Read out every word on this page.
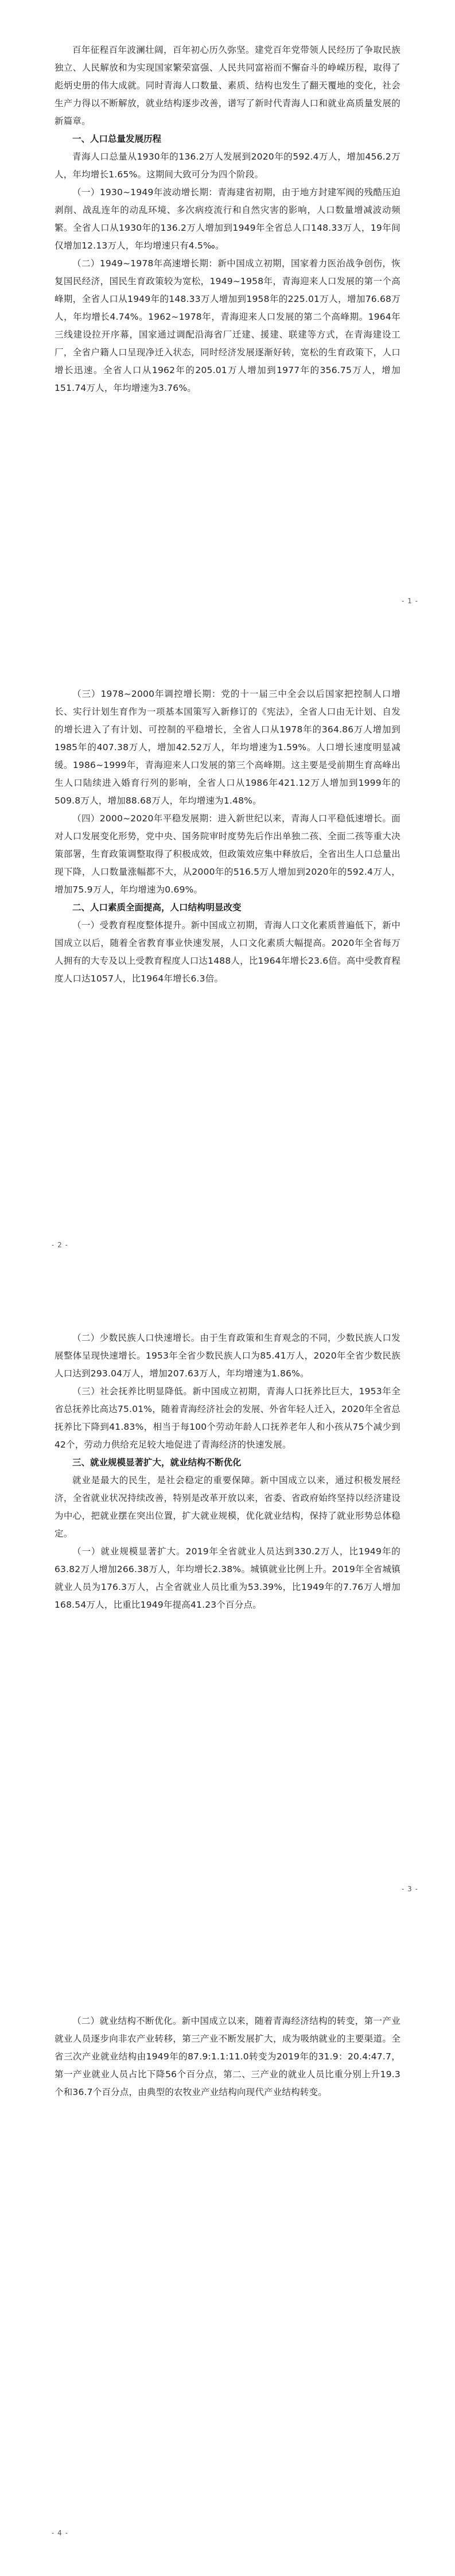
百年征程百年波澜壮阔，百年初心历久弥坚。建党百年党带领人民经历了争取民族独立、人民解放和为实现国家繁荣富强、人民共同富裕而不懈奋斗的峥嵘历程，取得了彪炳史册的伟大成就。同时青海人口数量、素质、结构也发生了翻天覆地的变化，社会生产力得以不断解放，就业结构逐步改善，谱写了新时代青海人口和就业高质量发展的新篇章。

一、人口总量发展历程

青海人口总量从1930年的136.2万人发展到2020年的592.4万人，增加456.2万人，年均增长1.65%。这期间大致可分为四个阶段。

（一）1930~1949年波动增长期：青海建省初期，由于地方封建军阀的残酷压迫剥削、战乱连年的动乱环境、多次病疫流行和自然灾害的影响，人口数量增减波动频繁。全省人口从1930年的136.2万人增加到1949年全省总人口148.33万人，19年间仅增加12.13万人，年均增速只有4.5‰。

（二）1949~1978年高速增长期：新中国成立初期，国家着力医治战争创伤，恢复国民经济，国民生育政策较为宽松，1949~1958年，青海迎来人口发展的第一个高峰期，全省人口从1949年的148.33万人增加到1958年的225.01万人，增加76.68万人，年均增长4.74%。1962~1978年，青海迎来人口发展的第二个高峰期。1964年三线建设拉开序幕，国家通过调配沿海省厂迁建、援建、联建等方式，在青海建设工厂，全省户籍人口呈现净迁入状态，同时经济发展逐渐好转，宽松的生育政策下，人口增长迅速。全省人口从1962年的205.01万人增加到1977年的356.75万人，增加151.74万人，年均增速为3.76%。

- 1 -

（三）1978~2000年调控增长期：党的十一届三中全会以后国家把控制人口增长、实行计划生育作为一项基本国策写入新修订的《宪法》，全省人口由无计划、自发的增长进入了有计划、可控制的平稳增长，全省人口从1978年的364.86万人增加到1985年的407.38万人，增加42.52万人，年均增速为1.59%。人口增长速度明显减缓。1986~1999年，青海迎来人口发展的第三个高峰期。这主要是受前期生育高峰出生人口陆续进入婚育行列的影响，全省人口从1986年421.12万人增加到1999年的509.8万人，增加88.68万人，年均增速为1.48%。

（四）2000~2020年平稳发展期：进入新世纪以来，青海人口平稳低速增长。面对人口发展变化形势，党中央、国务院审时度势先后作出单独二孩、全面二孩等重大决策部署，生育政策调整取得了积极成效，但政策效应集中释放后，全省出生人口总量出现下降，人口数量涨幅都不大，从2000年的516.5万人增加到2020年的592.4万人，增加75.9万人，年均增速为0.69%。

二、人口素质全面提高，人口结构明显改变

（一）受教育程度整体提升。新中国成立初期，青海人口文化素质普遍低下，新中国成立以后，随着全省教育事业快速发展，人口文化素质大幅提高。2020年全省每万人拥有的大专及以上受教育程度人口达1488人，比1964年增长23.6倍。高中受教育程度人口达1057人，比1964年增长6.3倍。

- 2 -

（二）少数民族人口快速增长。由于生育政策和生育观念的不同，少数民族人口发展整体呈现快速增长。1953年全省少数民族人口为85.41万人，2020年全省少数民族人口达到293.04万人，增加207.63万人，年均增速为1.86%。

（三）社会抚养比明显降低。新中国成立初期，青海人口抚养比巨大，1953年全省总抚养比高达75.01%，随着青海经济社会的发展、外省年轻人迁入，2020年全省总抚养比下降到41.83%，相当于每100个劳动年龄人口抚养老年人和小孩从75个减少到42个，劳动力供给充足较大地促进了青海经济的快速发展。

三、就业规模显著扩大，就业结构不断优化

就业是最大的民生，是社会稳定的重要保障。新中国成立以来，通过积极发展经济，全省就业状况持续改善，特别是改革开放以来，省委、省政府始终坚持以经济建设为中心，把就业摆在突出位置，扩大就业规模，优化就业结构，保持了就业形势总体稳定。

（一）就业规模显著扩大。2019年全省就业人员达到330.2万人，比1949年的63.82万人增加266.38万人，年均增长2.38%。城镇就业比例上升。2019年全省城镇就业人员为176.3万人，占全省就业人员比重为53.39%，比1949年的7.76万人增加168.54万人，比重比1949年提高41.23个百分点。

- 3 -

（二）就业结构不断优化。新中国成立以来，随着青海经济结构的转变，第一产业就业人员逐步向非农产业转移，第三产业不断发展扩大，成为吸纳就业的主要渠道。全省三次产业就业结构由1949年的87.9:1.1:11.0转变为2019年的31.9：20.4:47.7，第一产业就业人员占比下降56个百分点，第二、三产业的就业人员比重分别上升19.3个和36.7个百分点，由典型的农牧业产业结构向现代产业结构转变。

- 4 -
